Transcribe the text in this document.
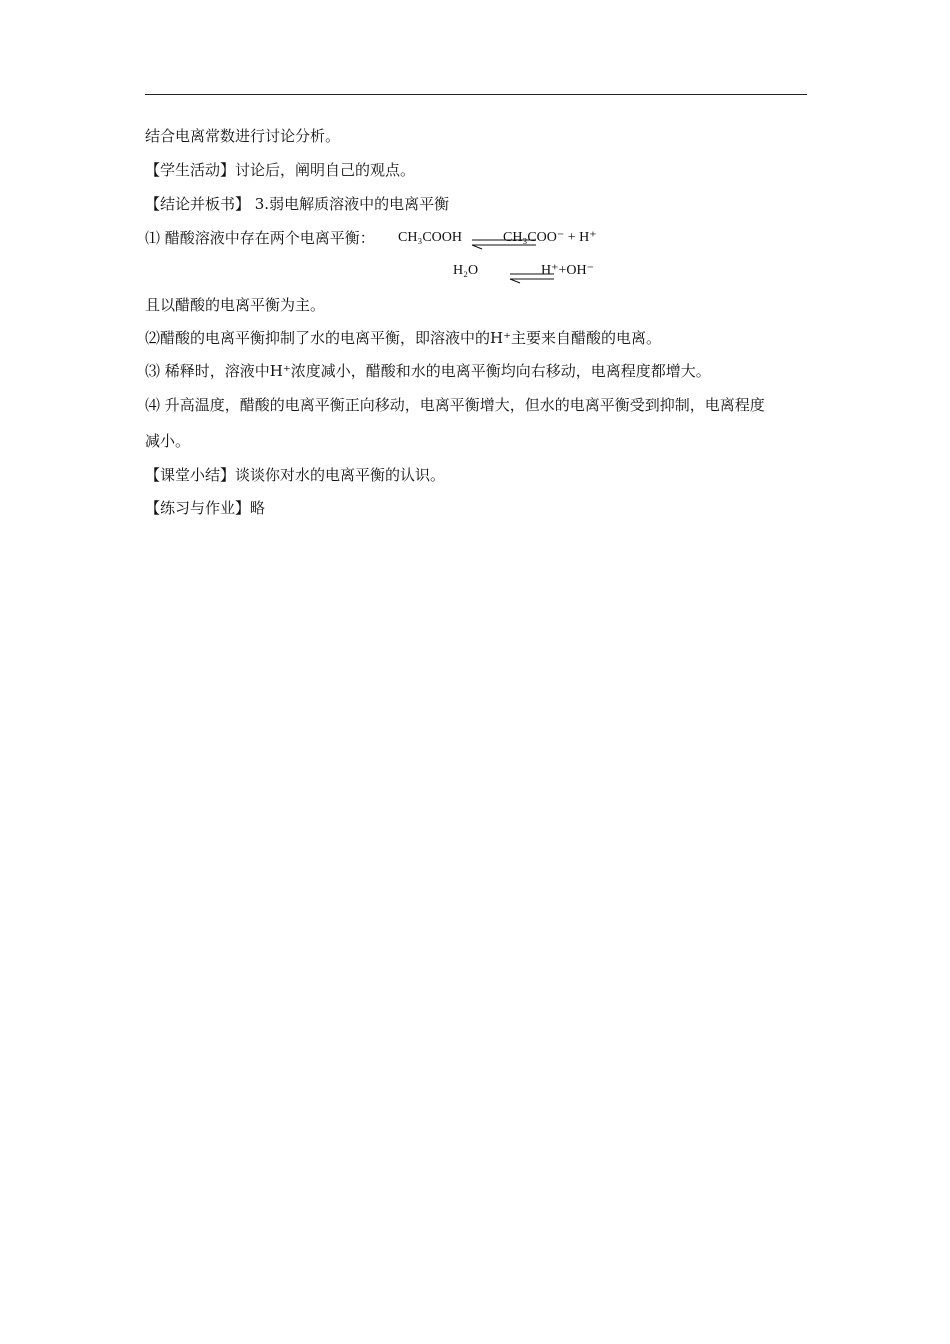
结合电离常数进行讨论分析。
【学生活动】讨论后，阐明自己的观点。
【结论并板书】 3.弱电解质溶液中的电离平衡
⑴ 醋酸溶液中存在两个电离平衡： CH₃COOH	CH₃COO⁻ + H⁺
H₂O	H⁺+OH⁻
且以醋酸的电离平衡为主。
⑵醋酸的电离平衡抑制了水的电离平衡，即溶液中的H⁺主要来自醋酸的电离。
⑶ 稀释时，溶液中H⁺浓度减小，醋酸和水的电离平衡均向右移动，电离程度都增大。
⑷ 升高温度，醋酸的电离平衡正向移动，电离平衡增大，但水的电离平衡受到抑制，电离程度
减小。
【课堂小结】谈谈你对水的电离平衡的认识。
【练习与作业】略
